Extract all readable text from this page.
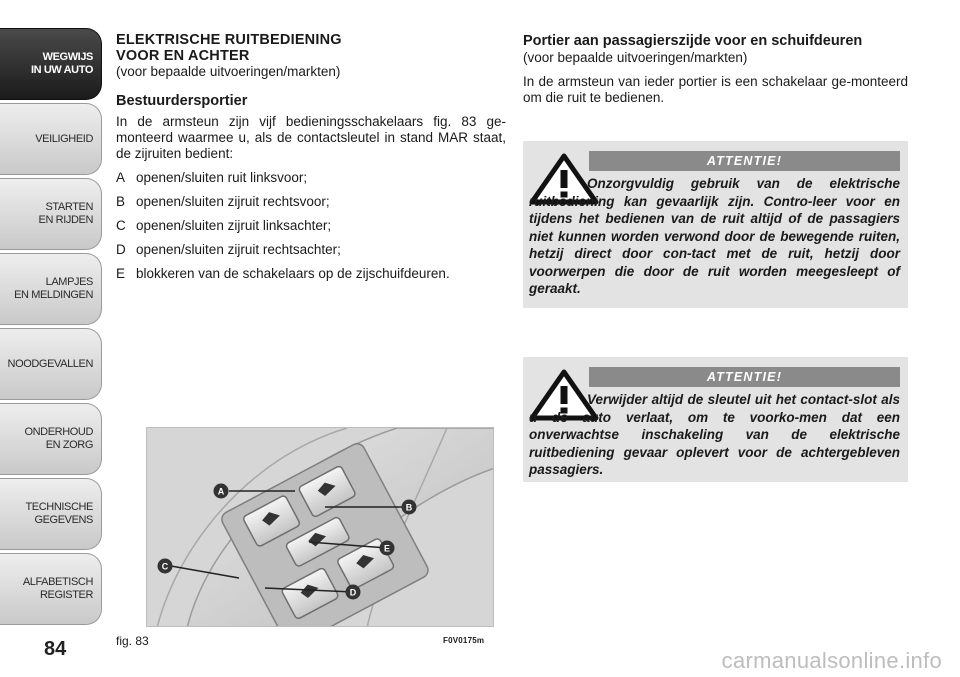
WEGWIJS
IN UW AUTO
VEILIGHEID
STARTEN
EN RIJDEN
LAMPJES
EN MELDINGEN
NOODGEVALLEN
ONDERHOUD
EN ZORG
TECHNISCHE
GEGEVENS
ALFABETISCH
REGISTER
84
ELEKTRISCHE RUITBEDIENING
VOOR EN ACHTER
(voor bepaalde uitvoeringen/markten)
Bestuurdersportier
In de armsteun zijn vijf bedieningsschakelaars fig. 83 ge-monteerd waarmee u, als de contactsleutel in stand MAR staat, de zijruiten bedient:
A openen/sluiten ruit linksvoor;
B openen/sluiten zijruit rechtsvoor;
C openen/sluiten zijruit linksachter;
D openen/sluiten zijruit rechtsachter;
E blokkeren van de schakelaars op de zijschuifdeuren.
A
B
E
C
D
fig. 83	F0V0175m
Portier aan passagierszijde voor en schuifdeuren
(voor bepaalde uitvoeringen/markten)
In de armsteun van ieder portier is een schakelaar ge-monteerd om die ruit te bedienen.
ATTENTIE!
Onzorgvuldig gebruik van de elektrische ruitbediening kan gevaarlijk zijn. Contro-leer voor en tijdens het bedienen van de ruit altijd of de passagiers niet kunnen worden verwond door de bewegende ruiten, hetzij direct door con-tact met de ruit, hetzij door voorwerpen die door de ruit worden meegesleept of geraakt.
ATTENTIE!
Verwijder altijd de sleutel uit het contact-slot als u de auto verlaat, om te voorko-men dat een onverwachtse inschakeling van de elektrische ruitbediening gevaar oplevert voor de achtergebleven passagiers.
carmanualsonline.info
